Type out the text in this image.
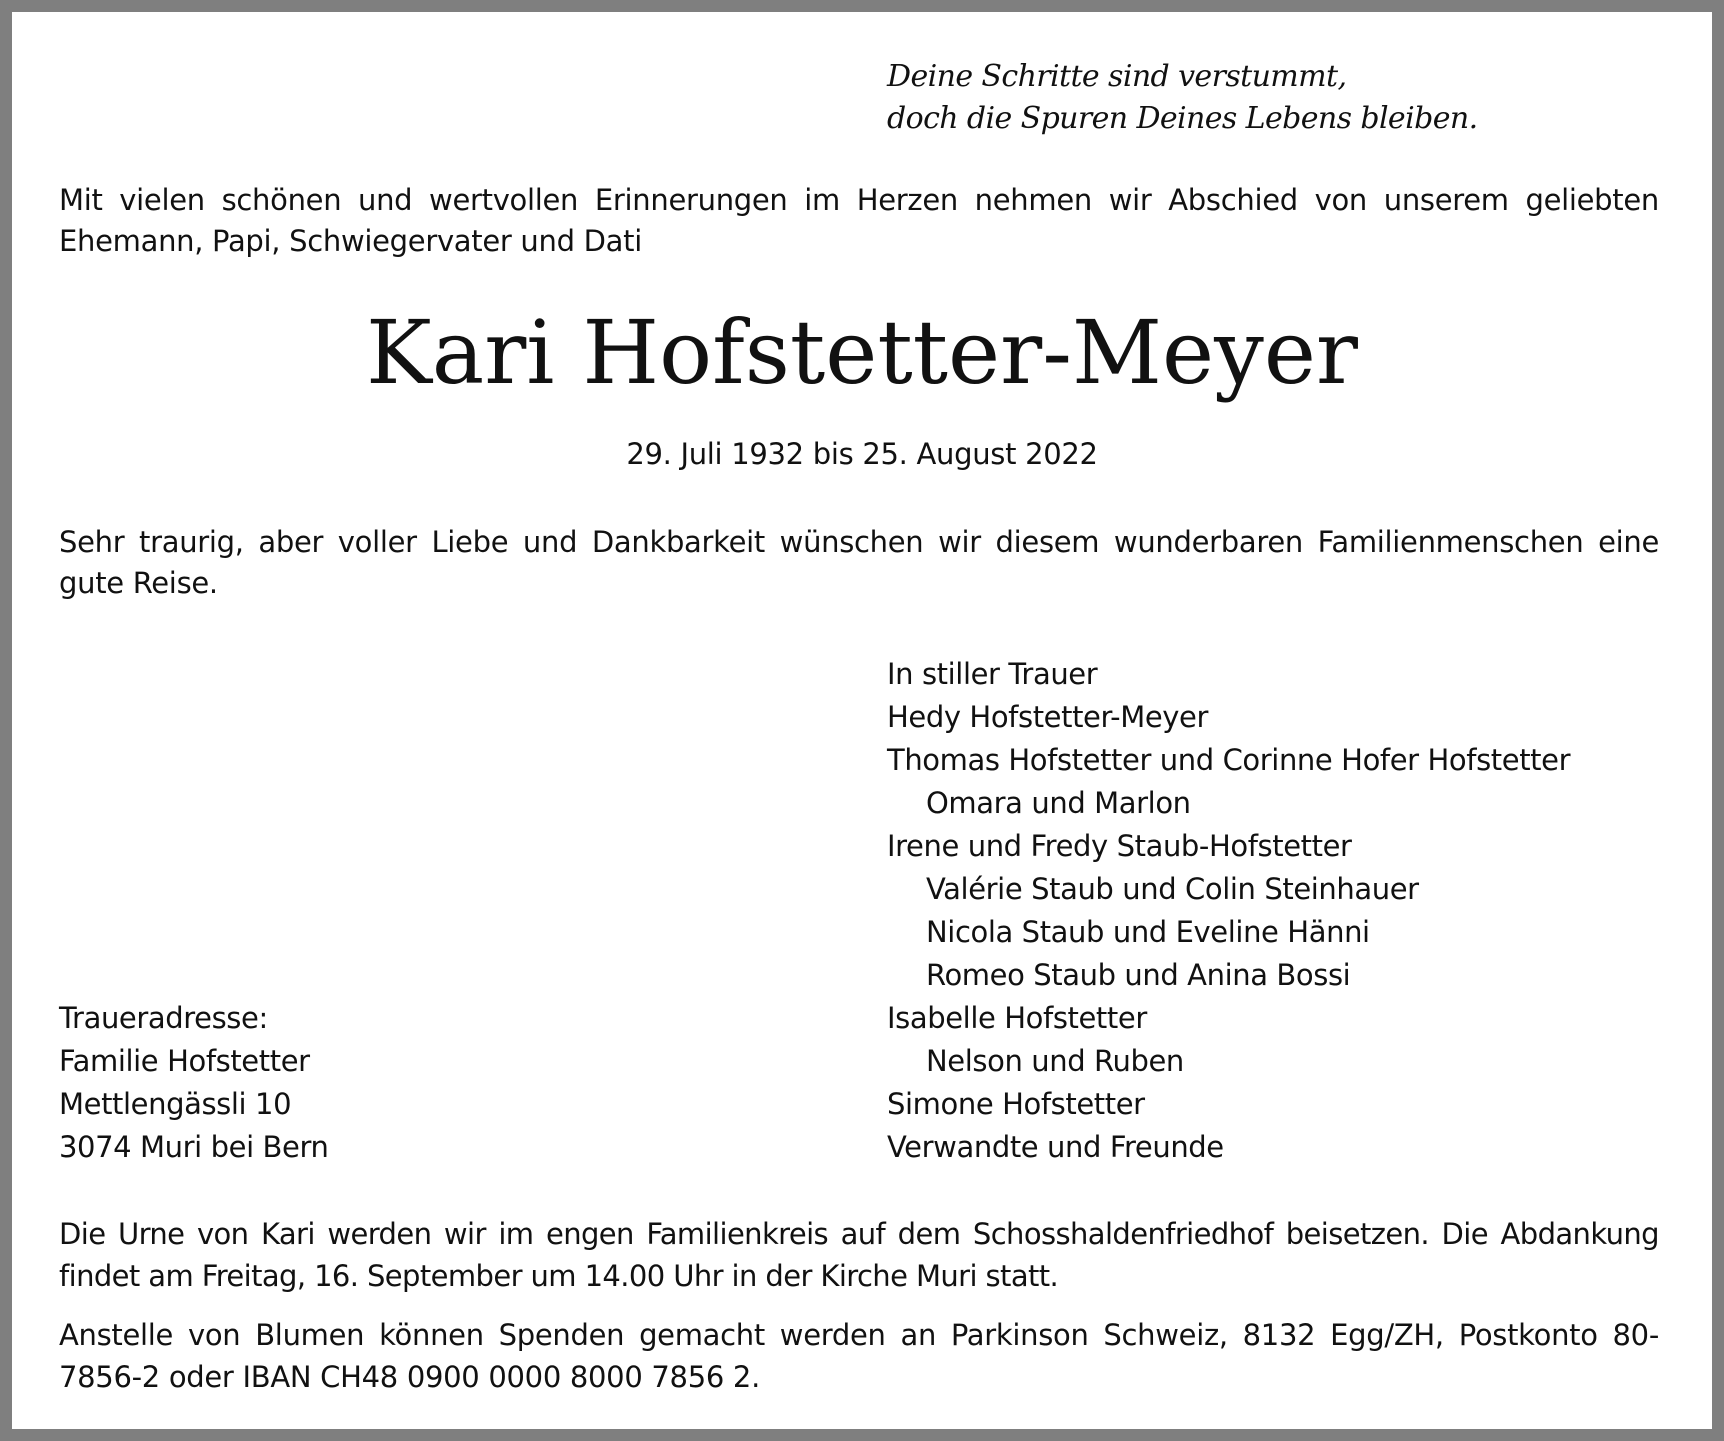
Deine Schritte sind verstummt,
doch die Spuren Deines Lebens bleiben.
Mit vielen schönen und wertvollen Erinnerungen im Herzen nehmen wir Abschied von unserem geliebten Ehemann, Papi, Schwiegervater und Dati
Kari Hofstetter-Meyer
29. Juli 1932 bis 25. August 2022
Sehr traurig, aber voller Liebe und Dankbarkeit wünschen wir diesem wunderbaren Familienmenschen eine gute Reise.
In stiller Trauer
Hedy Hofstetter-Meyer
Thomas Hofstetter und Corinne Hofer Hofstetter
Omara und Marlon
Irene und Fredy Staub-Hofstetter
Valérie Staub und Colin Steinhauer
Nicola Staub und Eveline Hänni
Romeo Staub und Anina Bossi
Isabelle Hofstetter
Nelson und Ruben
Simone Hofstetter
Verwandte und Freunde
Traueradresse:
Familie Hofstetter
Mettlengässli 10
3074 Muri bei Bern
Die Urne von Kari werden wir im engen Familienkreis auf dem Schosshaldenfriedhof beisetzen. Die Abdankung findet am Freitag, 16. September um 14.00 Uhr in der Kirche Muri statt.
Anstelle von Blumen können Spenden gemacht werden an Parkinson Schweiz, 8132 Egg/ZH, Postkonto 80-7856-2 oder IBAN CH48 0900 0000 8000 7856 2.
